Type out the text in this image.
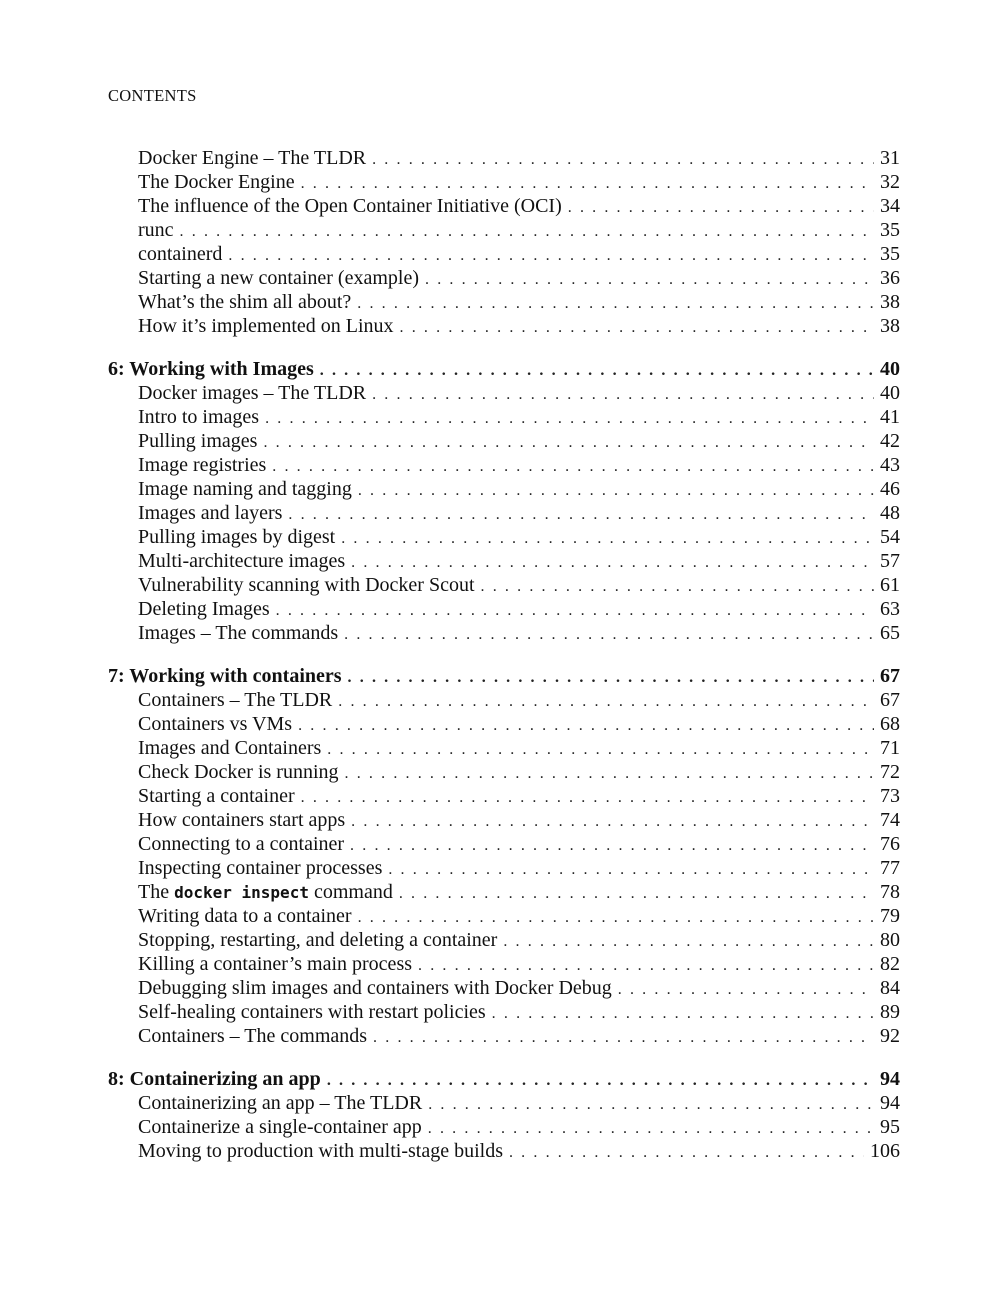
CONTENTS
Docker Engine – The TLDR . . .	31
The Docker Engine . . .	32
The influence of the Open Container Initiative (OCI) . . .	34
runc . . .	35
containerd . . .	35
Starting a new container (example) . . .	36
What’s the shim all about? . . .	38
How it’s implemented on Linux . . .	38
6: Working with Images . . .	40
Docker images – The TLDR . . .	40
Intro to images . . .	41
Pulling images . . .	42
Image registries . . .	43
Image naming and tagging . . .	46
Images and layers . . .	48
Pulling images by digest . . .	54
Multi-architecture images . . .	57
Vulnerability scanning with Docker Scout . . .	61
Deleting Images . . .	63
Images – The commands . . .	65
7: Working with containers . . .	67
Containers – The TLDR . . .	67
Containers vs VMs . . .	68
Images and Containers . . .	71
Check Docker is running . . .	72
Starting a container . . .	73
How containers start apps . . .	74
Connecting to a container . . .	76
Inspecting container processes . . .	77
The docker inspect command . . .	78
Writing data to a container . . .	79
Stopping, restarting, and deleting a container . . .	80
Killing a container’s main process . . .	82
Debugging slim images and containers with Docker Debug . . .	84
Self-healing containers with restart policies . . .	89
Containers – The commands . . .	92
8: Containerizing an app . . .	94
Containerizing an app – The TLDR . . .	94
Containerize a single-container app . . .	95
Moving to production with multi-stage builds . . .	106
